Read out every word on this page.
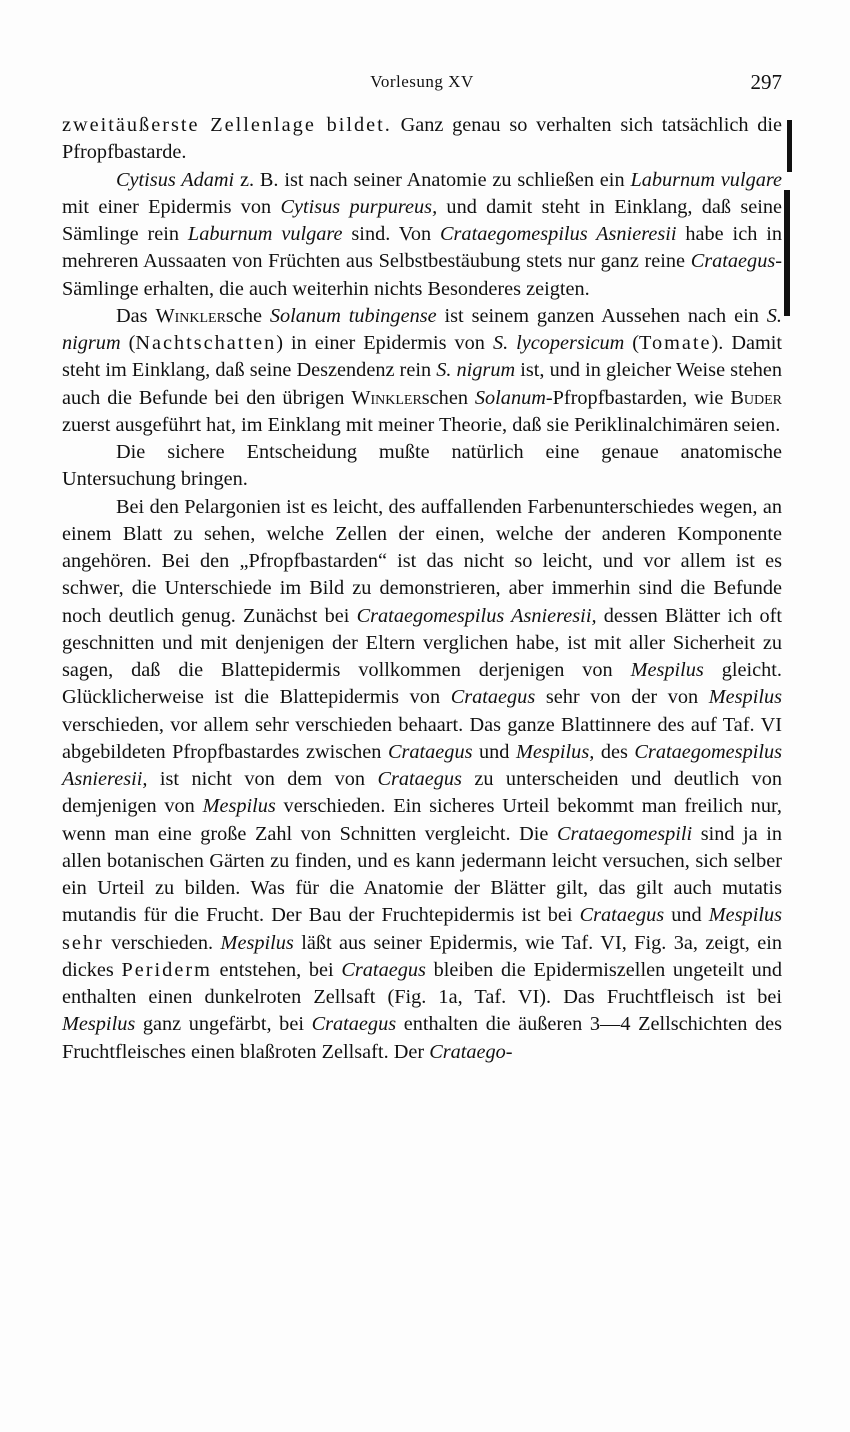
Vorlesung XV	297

zweitäußerste Zellenlage bildet. Ganz genau so verhalten sich tatsächlich die Pfropfbastarde.

Cytisus Adami z. B. ist nach seiner Anatomie zu schließen ein Laburnum vulgare mit einer Epidermis von Cytisus purpureus, und damit steht in Einklang, daß seine Sämlinge rein Laburnum vulgare sind. Von Crataegomespilus Asnieresii habe ich in mehreren Aussaaten von Früchten aus Selbstbestäubung stets nur ganz reine Crataegus-Sämlinge erhalten, die auch weiterhin nichts Besonderes zeigten.

Das Winklersche Solanum tubingense ist seinem ganzen Aussehen nach ein S. nigrum (Nachtschatten) in einer Epidermis von S. lycopersicum (Tomate). Damit steht im Einklang, daß seine Deszendenz rein S. nigrum ist, und in gleicher Weise stehen auch die Befunde bei den übrigen Winklerschen Solanum-Pfropfbastarden, wie Buder zuerst ausgeführt hat, im Einklang mit meiner Theorie, daß sie Periklinalchimären seien.

Die sichere Entscheidung mußte natürlich eine genaue anatomische Untersuchung bringen.

Bei den Pelargonien ist es leicht, des auffallenden Farbenunterschiedes wegen, an einem Blatt zu sehen, welche Zellen der einen, welche der anderen Komponente angehören. Bei den „Pfropfbastarden“ ist das nicht so leicht, und vor allem ist es schwer, die Unterschiede im Bild zu demonstrieren, aber immerhin sind die Befunde noch deutlich genug. Zunächst bei Crataegomespilus Asnieresii, dessen Blätter ich oft geschnitten und mit denjenigen der Eltern verglichen habe, ist mit aller Sicherheit zu sagen, daß die Blattepidermis vollkommen derjenigen von Mespilus gleicht. Glücklicherweise ist die Blattepidermis von Crataegus sehr von der von Mespilus verschieden, vor allem sehr verschieden behaart. Das ganze Blattinnere des auf Taf. VI abgebildeten Pfropfbastardes zwischen Crataegus und Mespilus, des Crataegomespilus Asnieresii, ist nicht von dem von Crataegus zu unterscheiden und deutlich von demjenigen von Mespilus verschieden. Ein sicheres Urteil bekommt man freilich nur, wenn man eine große Zahl von Schnitten vergleicht. Die Crataegomespili sind ja in allen botanischen Gärten zu finden, und es kann jedermann leicht versuchen, sich selber ein Urteil zu bilden. Was für die Anatomie der Blätter gilt, das gilt auch mutatis mutandis für die Frucht. Der Bau der Fruchtepidermis ist bei Crataegus und Mespilus sehr verschieden. Mespilus läßt aus seiner Epidermis, wie Taf. VI, Fig. 3a, zeigt, ein dickes Periderm entstehen, bei Crataegus bleiben die Epidermiszellen ungeteilt und enthalten einen dunkelroten Zellsaft (Fig. 1a, Taf. VI). Das Fruchtfleisch ist bei Mespilus ganz ungefärbt, bei Crataegus enthalten die äußeren 3—4 Zellschichten des Fruchtfleisches einen blaßroten Zellsaft. Der Crataego-
